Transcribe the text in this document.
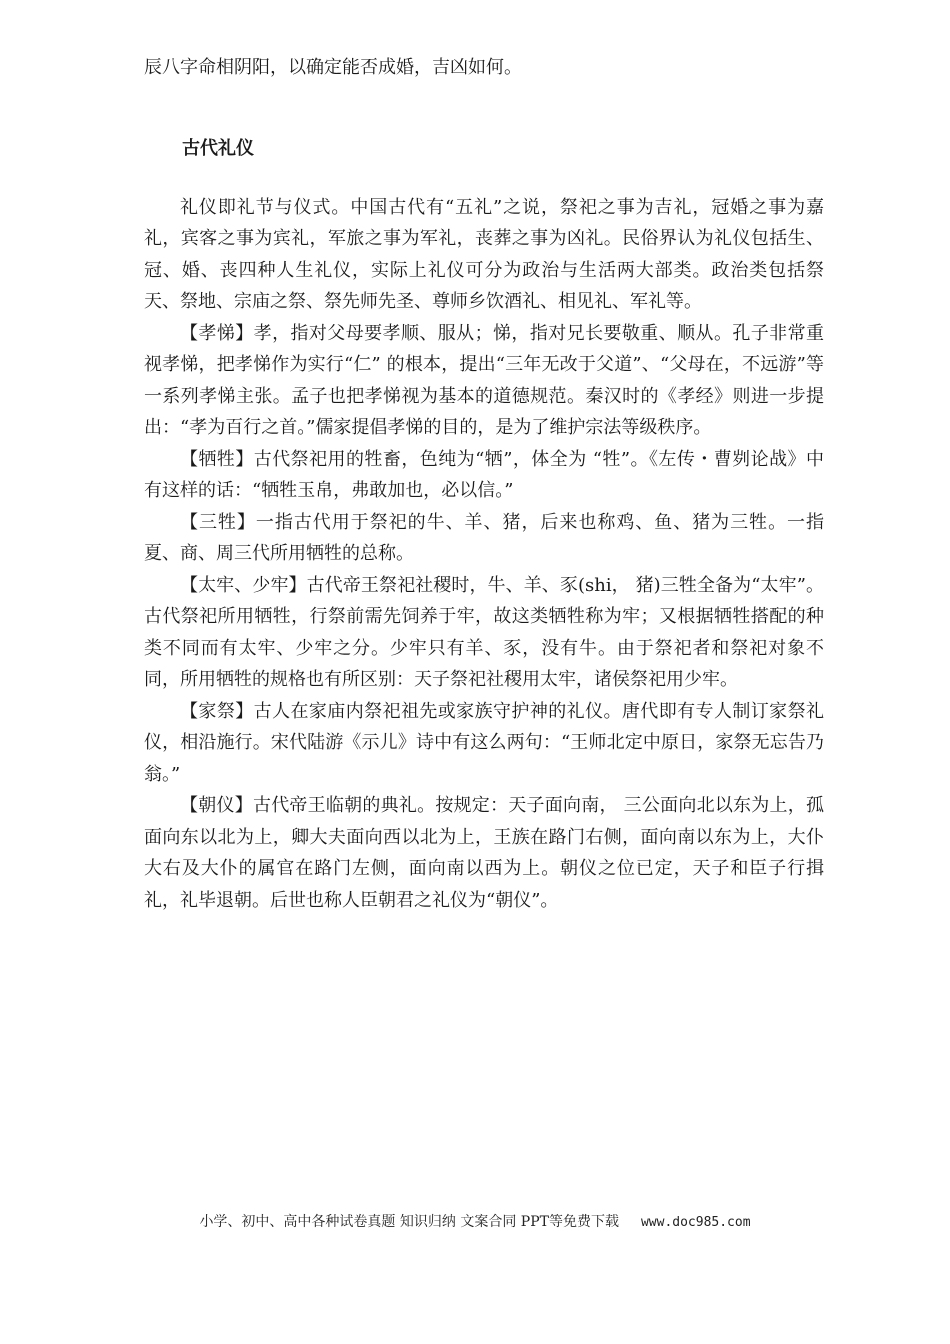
辰八字命相阴阳，以确定能否成婚，吉凶如何。
古代礼仪

礼仪即礼节与仪式。中国古代有“五礼”之说，祭祀之事为吉礼，冠婚之事为嘉礼，宾客之事为宾礼，军旅之事为军礼，丧葬之事为凶礼。民俗界认为礼仪包括生、冠、婚、丧四种人生礼仪，实际上礼仪可分为政治与生活两大部类。政治类包括祭天、祭地、宗庙之祭、祭先师先圣、尊师乡饮酒礼、相见礼、军礼等。

【孝悌】孝，指对父母要孝顺、服从；悌，指对兄长要敬重、顺从。孔子非常重视孝悌，把孝悌作为实行“仁” 的根本，提出“三年无改于父道”、“父母在，不远游”等一系列孝悌主张。孟子也把孝悌视为基本的道德规范。秦汉时的《孝经》则进一步提出：“孝为百行之首。”儒家提倡孝悌的目的，是为了维护宗法等级秩序。

【牺牲】古代祭祀用的牲畜，色纯为“牺”，体全为 “牲”。《左传・曹刿论战》中有这样的话：“牺牲玉帛，弗敢加也，必以信。”

【三牲】一指古代用于祭祀的牛、羊、猪，后来也称鸡、鱼、猪为三牲。一指夏、商、周三代所用牺牲的总称。

【太牢、少牢】古代帝王祭祀社稷时，牛、羊、豕(shi， 猪)三牲全备为“太牢”。古代祭祀所用牺牲，行祭前需先饲养于牢，故这类牺牲称为牢；又根据牺牲搭配的种类不同而有太牢、少牢之分。少牢只有羊、豕，没有牛。由于祭祀者和祭祀对象不同，所用牺牲的规格也有所区别：天子祭祀社稷用太牢，诸侯祭祀用少牢。

【家祭】古人在家庙内祭祀祖先或家族守护神的礼仪。唐代即有专人制订家祭礼仪，相沿施行。宋代陆游《示儿》诗中有这么两句：“王师北定中原日，家祭无忘告乃翁。”

【朝仪】古代帝王临朝的典礼。按规定：天子面向南， 三公面向北以东为上，孤面向东以北为上，卿大夫面向西以北为上，王族在路门右侧，面向南以东为上，大仆大右及大仆的属官在路门左侧，面向南以西为上。朝仪之位已定，天子和臣子行揖礼，礼毕退朝。后世也称人臣朝君之礼仪为“朝仪”。

小学、初中、高中各种试卷真题 知识归纳 文案合同 PPT等免费下载 www.doc985.com
